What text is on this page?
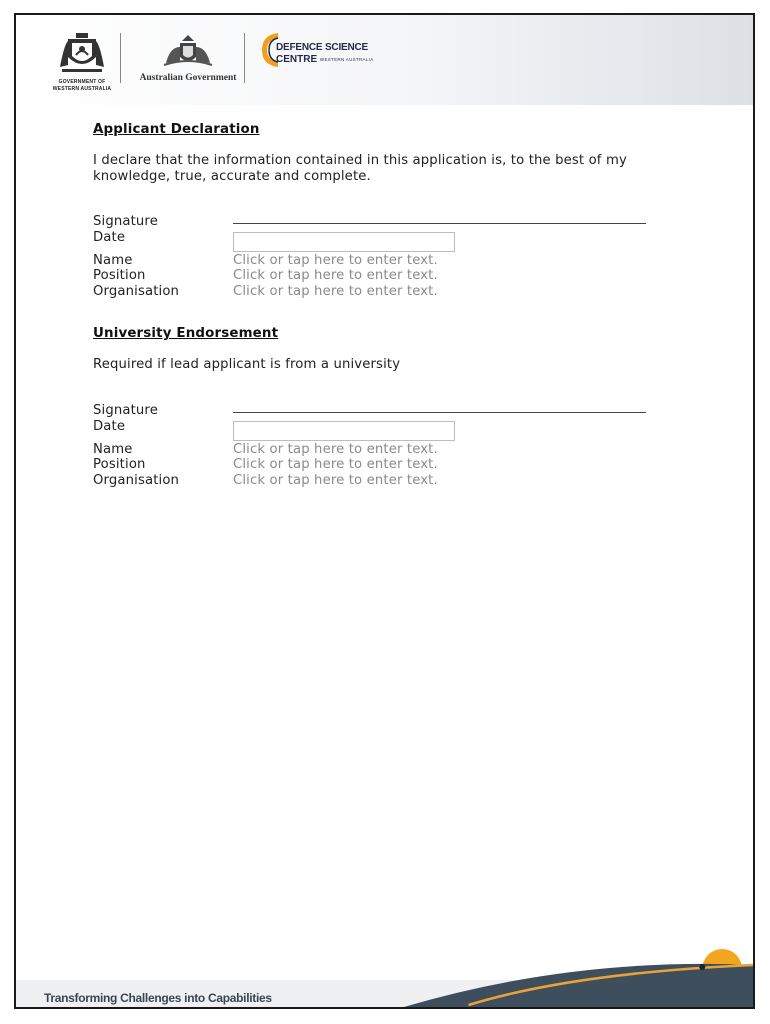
GOVERNMENT OF
WESTERN AUSTRALIA
Australian Government
DEFENCE SCIENCE
CENTRE WESTERN AUSTRALIA
Applicant Declaration
I declare that the information contained in this application is, to the best of my knowledge, true, accurate and complete.
Signature
Date
Name	Click or tap here to enter text.
Position	Click or tap here to enter text.
Organisation	Click or tap here to enter text.
University Endorsement
Required if lead applicant is from a university
Signature
Date
Name	Click or tap here to enter text.
Position	Click or tap here to enter text.
Organisation	Click or tap here to enter text.
Transforming Challenges into Capabilities
